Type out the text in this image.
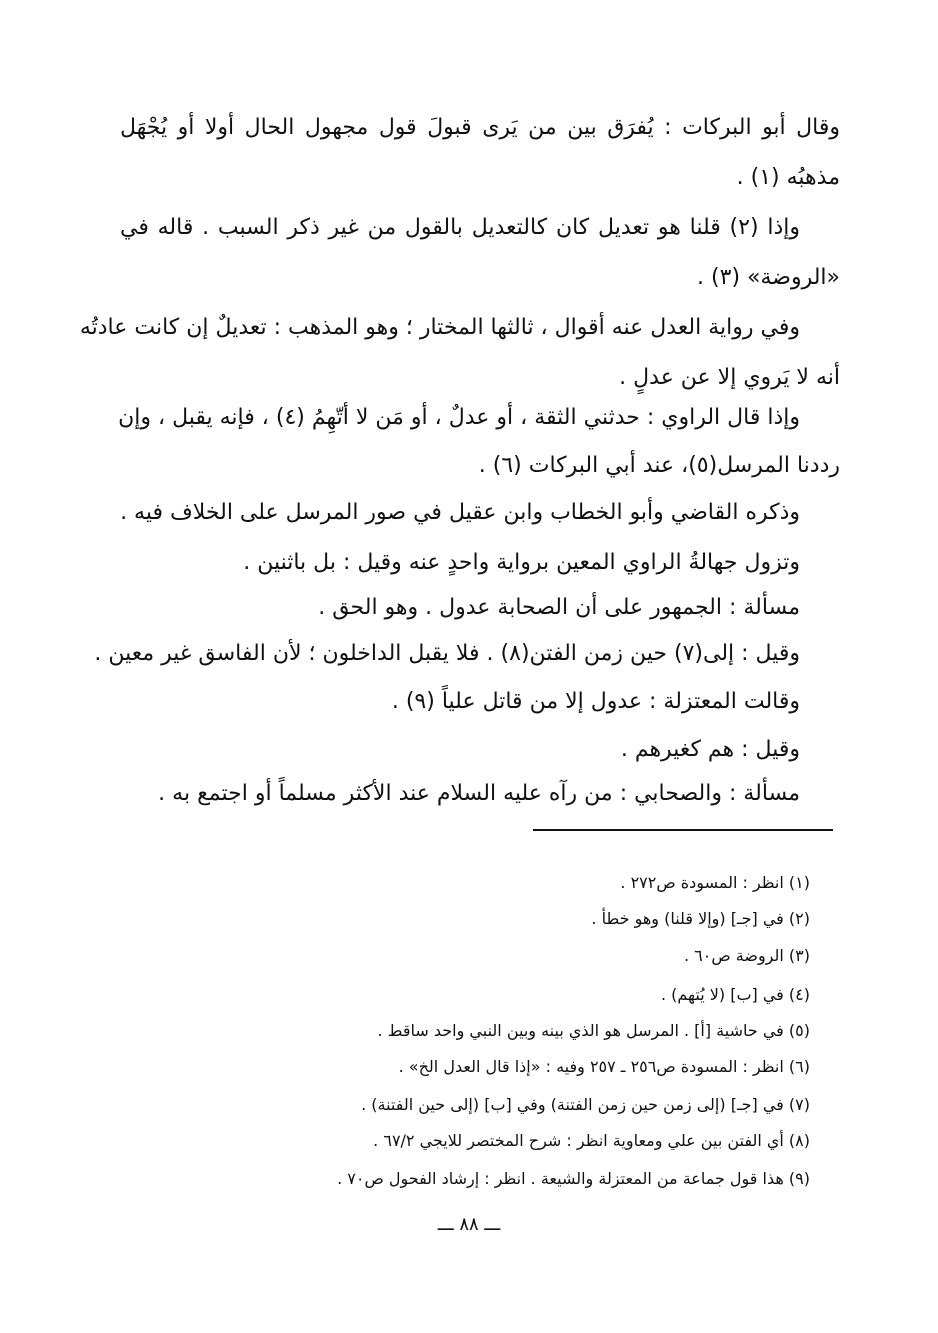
وقال أبو البركات : يُفرَق بين من يَرى قبولَ قول مجهول الحال أولا أو يُجْهَل
مذهبُه (١) .
وإذا (٢) قلنا هو تعديل كان كالتعديل بالقول من غير ذكر السبب . قاله في
«الروضة» (٣) .
وفي رواية العدل عنه أقوال ، ثالثها المختار ؛ وهو المذهب : تعديلٌ إن كانت عادتُه
أنه لا يَروي إلا عن عدلٍ .
وإذا قال الراوي : حدثني الثقة ، أو عدلٌ ، أو مَن لا أتّهِمُ (٤) ، فإنه يقبل ، وإن
رددنا المرسل(٥)، عند أبي البركات (٦) .
وذكره القاضي وأبو الخطاب وابن عقيل في صور المرسل على الخلاف فيه .
وتزول جهالةُ الراوي المعين برواية واحدٍ عنه وقيل : بل باثنين .
مسألة : الجمهور على أن الصحابة عدول . وهو الحق .
وقيل : إلى(٧) حين زمن الفتن(٨) . فلا يقبل الداخلون ؛ لأن الفاسق غير معين .
وقالت المعتزلة : عدول إلا من قاتل علياً (٩) .
وقيل : هم كغيرهم .
مسألة : والصحابي : من رآه عليه السلام عند الأكثر مسلماً أو اجتمع به .
(١) انظر : المسودة ص٢٧٢ .
(٢) في [جـ] (وإلا قلنا) وهو خطأ .
(٣) الروضة ص٦٠ .
(٤) في [ب] (لا يُتهم) .
(٥) في حاشية [أ] . المرسل هو الذي بينه وبين النبي واحد ساقط .
(٦) انظر : المسودة ص٢٥٦ ـ ٢٥٧ وفيه : «إذا قال العدل الخ» .
(٧) في [جـ] (إلى زمن حين زمن الفتنة) وفي [ب] (إلى حين الفتنة) .
(٨) أي الفتن بين علي ومعاوية انظر : شرح المختصر للايجي ٦٧/٢ .
(٩) هذا قول جماعة من المعتزلة والشيعة . انظر : إرشاد الفحول ص٧٠ .
ـــ ٨٨ ـــ
